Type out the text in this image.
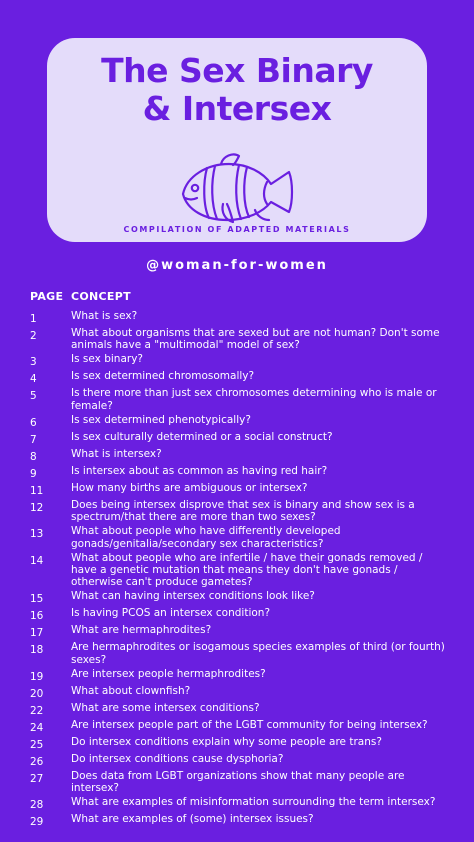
The Sex Binary
& Intersex
COMPILATION OF ADAPTED MATERIALS
@woman-for-women
PAGE CONCEPT
1	What is sex?
2	What about organisms that are sexed but are not human? Don't some animals have a "multimodal" model of sex?
3	Is sex binary?
4	Is sex determined chromosomally?
5	Is there more than just sex chromosomes determining who is male or female?
6	Is sex determined phenotypically?
7	Is sex culturally determined or a social construct?
8	What is intersex?
9	Is intersex about as common as having red hair?
11	How many births are ambiguous or intersex?
12	Does being intersex disprove that sex is binary and show sex is a spectrum/that there are more than two sexes?
13	What about people who have differently developed gonads/genitalia/secondary sex characteristics?
14	What about people who are infertile / have their gonads removed / have a genetic mutation that means they don't have gonads / otherwise can't produce gametes?
15	What can having intersex conditions look like?
16	Is having PCOS an intersex condition?
17	What are hermaphrodites?
18	Are hermaphrodites or isogamous species examples of third (or fourth) sexes?
19	Are intersex people hermaphrodites?
20	What about clownfish?
22	What are some intersex conditions?
24	Are intersex people part of the LGBT community for being intersex?
25	Do intersex conditions explain why some people are trans?
26	Do intersex conditions cause dysphoria?
27	Does data from LGBT organizations show that many people are intersex?
28	What are examples of misinformation surrounding the term intersex?
29	What are examples of (some) intersex issues?
